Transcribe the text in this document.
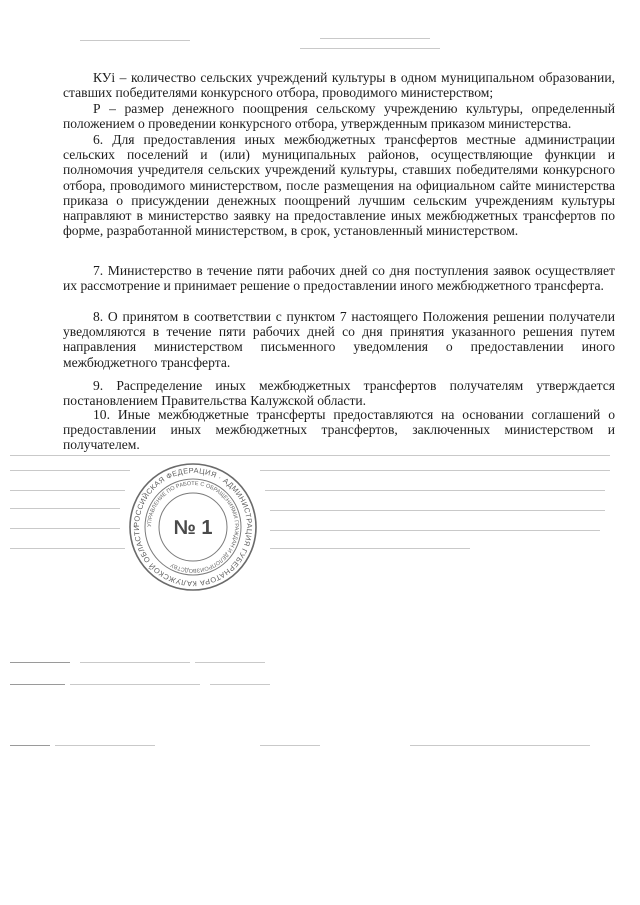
КУi – количество сельских учреждений культуры в одном муниципальном образовании, ставших победителями конкурсного отбора, проводимого министерством;

Р – размер денежного поощрения сельскому учреждению культуры, определенный положением о проведении конкурсного отбора, утвержденным приказом министерства.

6. Для предоставления иных межбюджетных трансфертов местные администрации сельских поселений и (или) муниципальных районов, осуществляющие функции и полномочия учредителя сельских учреждений культуры, ставших победителями конкурсного отбора, проводимого министерством, после размещения на официальном сайте министерства приказа о присуждении денежных поощрений лучшим сельским учреждениям культуры направляют в министерство заявку на предоставление иных межбюджетных трансфертов по форме, разработанной министерством, в срок, установленный министерством.

7. Министерство в течение пяти рабочих дней со дня поступления заявок осуществляет их рассмотрение и принимает решение о предоставлении иного межбюджетного трансферта.

8. О принятом в соответствии с пунктом 7 настоящего Положения решении получатели уведомляются в течение пяти рабочих дней со дня принятия указанного решения путем направления министерством письменного уведомления о предоставлении иного межбюджетного трансферта.

9. Распределение иных межбюджетных трансфертов получателям утверждается постановлением Правительства Калужской области.

10. Иные межбюджетные трансферты предоставляются на основании соглашений о предоставлении иных межбюджетных трансфертов, заключенных министерством и получателем.

РОССИЙСКАЯ ФЕДЕРАЦИЯ · АДМИНИСТРАЦИЯ ГУБЕРНАТОРА КАЛУЖСКОЙ ОБЛАСТИ	УПРАВЛЕНИЕ ПО РАБОТЕ С ОБРАЩЕНИЯМИ ГРАЖДАН И ДЕЛОПРОИЗВОДСТВУ
№ 1
